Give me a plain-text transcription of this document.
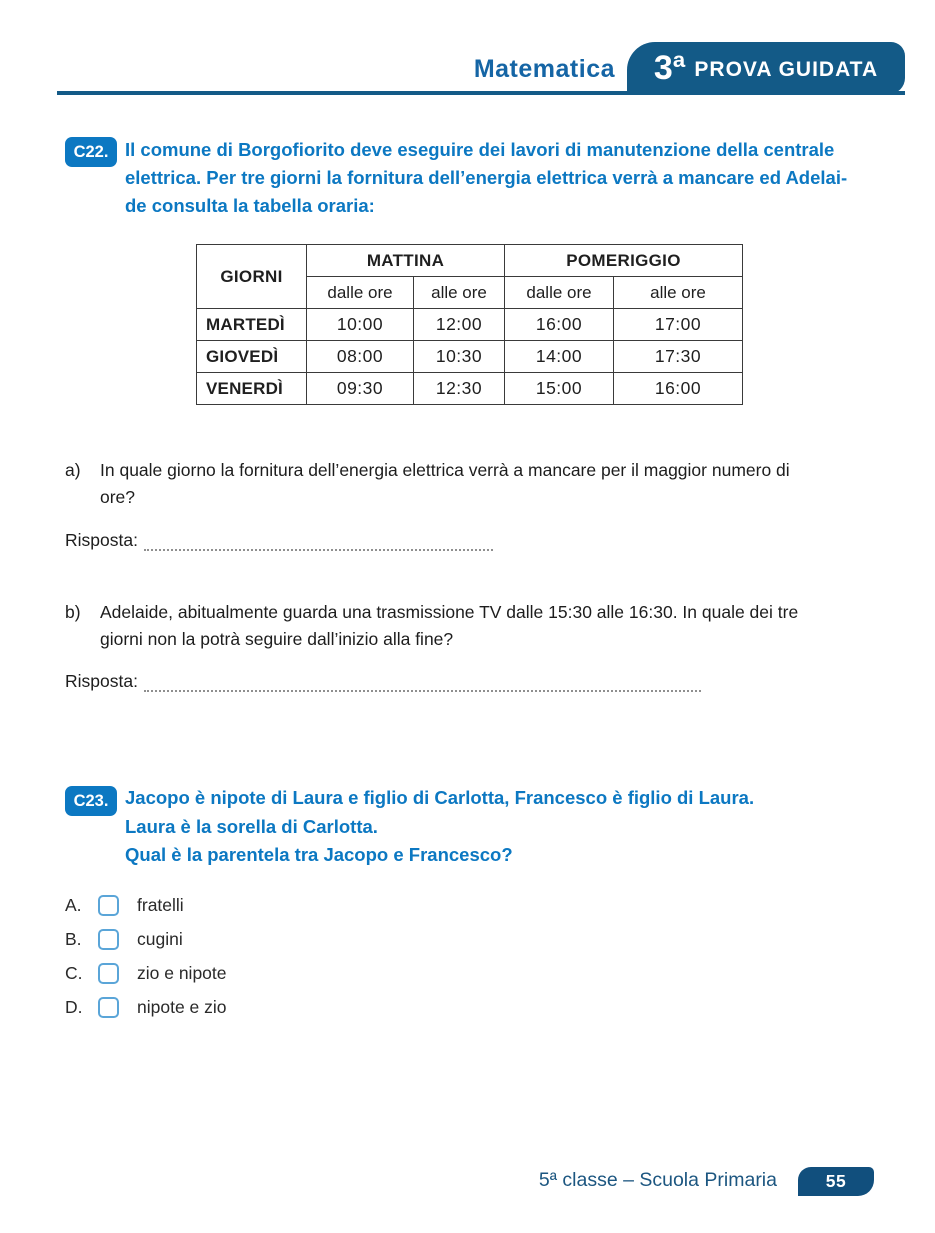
Matematica 3ª PROVA GUIDATA
C22. Il comune di Borgofiorito deve eseguire dei lavori di manutenzione della centrale
elettrica. Per tre giorni la fornitura dell’energia elettrica verrà a mancare ed Adelai-
de consulta la tabella oraria:
GIORNI	MATTINA		POMERIGGIO	
	dalle ore	alle ore	dalle ore	alle ore
MARTEDÌ	10:00	12:00	16:00	17:00
GIOVEDÌ	08:00	10:30	14:00	17:30
VENERDÌ	09:30	12:30	15:00	16:00
a)	In quale giorno la fornitura dell’energia elettrica verrà a mancare per il maggior numero di
ore?
Risposta:
b)	Adelaide, abitualmente guarda una trasmissione TV dalle 15:30 alle 16:30. In quale dei tre
giorni non la potrà seguire dall’inizio alla fine?
Risposta:
C23. Jacopo è nipote di Laura e figlio di Carlotta, Francesco è figlio di Laura.
Laura è la sorella di Carlotta.
Qual è la parentela tra Jacopo e Francesco?
A.	fratelli
B.	cugini
C.	zio e nipote
D.	nipote e zio
5ª classe – Scuola Primaria	55
